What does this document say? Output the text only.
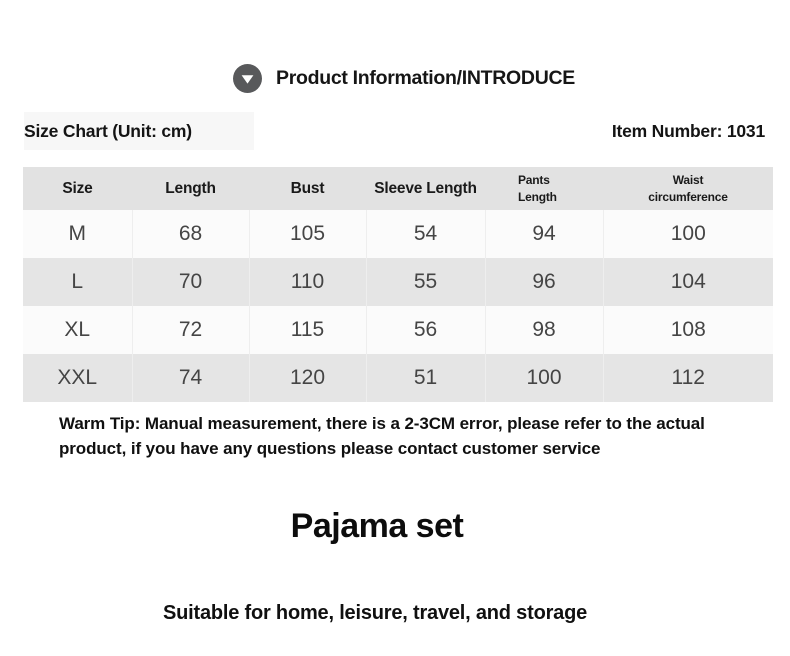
Product Information/INTRODUCE
Size Chart (Unit: cm)	Item Number: 1031
Size	Length	Bust	Sleeve Length	Pants Length	Waist circumference
M	68	105	54	94	100
L	70	110	55	96	104
XL	72	115	56	98	108
XXL	74	120	51	100	112

Warm Tip: Manual measurement, there is a 2-3CM error, please refer to the actual product, if you have any questions please contact customer service

Pajama set

Suitable for home, leisure, travel, and storage
